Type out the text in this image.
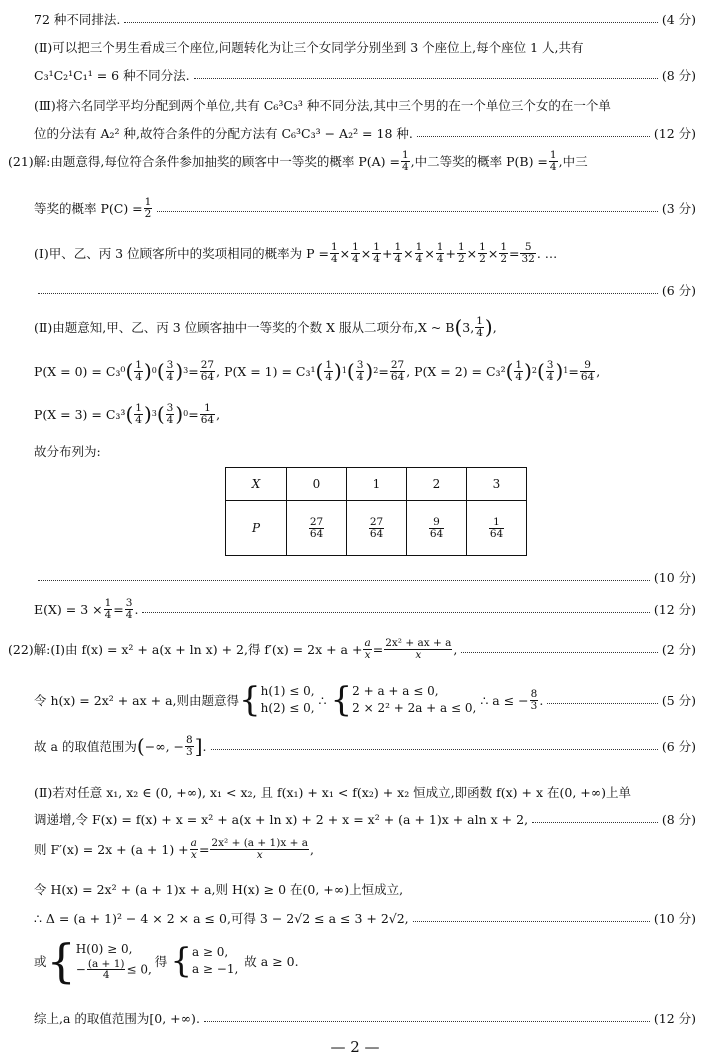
72 种不同排法.	(4 分)
(Ⅱ)可以把三个男生看成三个座位,问题转化为让三个女同学分别坐到 3 个座位上,每个座位 1 人,共有
C₃¹C₂¹C₁¹ = 6 种不同分法.	(8 分)
(Ⅲ)将六名同学平均分配到两个单位,共有 C₆³C₃³ 种不同分法,其中三个男的在一个单位三个女的在一个单
位的分法有 A₂² 种,故符合条件的分配方法有 C₆³C₃³ − A₂² = 18 种.	(12 分)
(21)解:由题意得,每位符合条件参加抽奖的顾客中一等奖的概率 $P(A) = \frac{1}{4}$ ,中二等奖的概率 $P(B) = \frac{1}{4}$ ,中三
等奖的概率 $P(C) = \frac{1}{2}$	(3 分)
(Ⅰ)甲、乙、丙 3 位顾客所中的奖项相同的概率为 $P = \frac{1}{4} \times \frac{1}{4} \times \frac{1}{4} + \frac{1}{4} \times \frac{1}{4} \times \frac{1}{4} + \frac{1}{2} \times \frac{1}{2} \times \frac{1}{2} = \frac{5}{32}$ . …
(6 分)
(Ⅱ)由题意知,甲、乙、丙 3 位顾客抽中一等奖的个数 X 服从二项分布,X ~ B ( 3, $\frac{1}{4}$ ) ,
P(X = 0) = C₃⁰ ( $\frac{1}{4}$ ) 0 ( $\frac{3}{4}$ ) $3 = \frac{27}{64}$ , P(X = 1) = C₃¹ ( $\frac{1}{4}$ ) 1 ( $\frac{3}{4}$ ) $2 = \frac{27}{64}$ , P(X = 2) = C₃² ( $\frac{1}{4}$ ) 2 ( $\frac{3}{4}$ ) $1 = \frac{9}{64}$ ,
P(X = 3) = C₃³ ( $\frac{1}{4}$ ) 3 ( $\frac{3}{4}$ ) $0 = \frac{1}{64}$ ,
故分布列为:
X	0	1	2	3
P	$\frac{27}{64}$	$\frac{27}{64}$	$\frac{9}{64}$	$\frac{1}{64}$
(10 分)
$E(X) = 3 \times \frac{1}{4} = \frac{3}{4}$ .	(12 分)
(22)解:(Ⅰ)由 f(x) = x² + a(x + ln x) + 2,得 $f'(x) = 2x + a + \frac{a}{x} = \frac{\text{2x² + ax + a}}{x}$ ,	(2 分)
令 h(x) = 2x² + ax + a,则由题意得 { h(1) ≤ 0,
h(2) ≤ 0,
∴ { 2 + a + a ≤ 0,
2 × 2² + 2a + a ≤ 0,
∴ a ≤ − $\frac{8}{3}$ .	(5 分)
故 a 的取值范围为 ( −∞, − $\frac{8}{3}$ ] .	(6 分)
(Ⅱ)若对任意 x₁, x₂ ∈ (0, +∞), x₁ < x₂, 且 f(x₁) + x₁ < f(x₂) + x₂ 恒成立,即函数 f(x) + x 在(0, +∞)上单
调递增,令 F(x) = f(x) + x = x² + a(x + ln x) + 2 + x = x² + (a + 1)x + aln x + 2,	(8 分)
则 $F'(x) = 2x + (a + 1) + \frac{a}{x} = \frac{\text{2x² + (a + 1)x + a}}{x}$ ,
令 H(x) = 2x² + (a + 1)x + a,则 H(x) ≥ 0 在(0, +∞)上恒成立,
∴ Δ = (a + 1)² − 4 × 2 × a ≤ 0,可得 3 − 2√2 ≤ a ≤ 3 + 2√2,	(10 分)
或 { H(0) ≥ 0,
− $\frac{(a + 1)}{4} \le 0$,
得 { a ≥ 0,
a ≥ −1, 故 a ≥ 0.
综上,a 的取值范围为[0, +∞).	(12 分)
— 2 —
